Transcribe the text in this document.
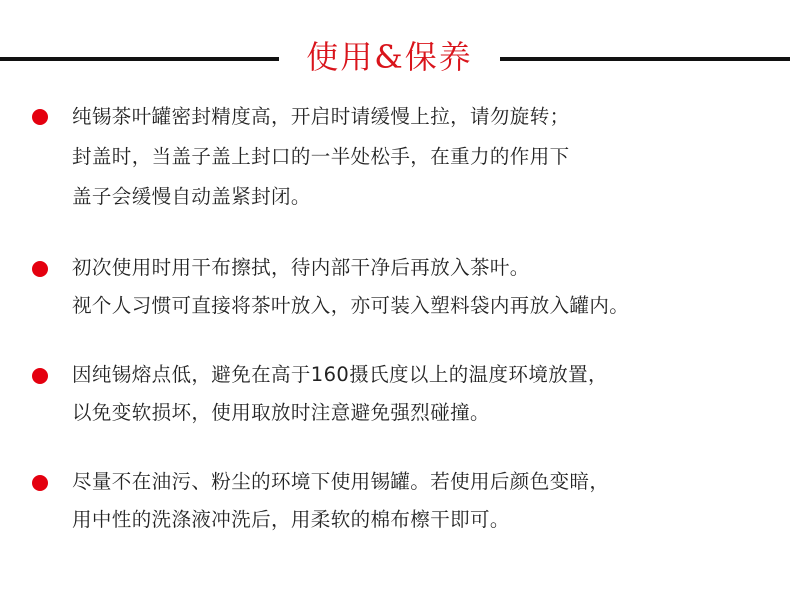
使用&保养
纯锡茶叶罐密封精度高，开启时请缓慢上拉，请勿旋转；
封盖时，当盖子盖上封口的一半处松手，在重力的作用下
盖子会缓慢自动盖紧封闭。
初次使用时用干布擦拭，待内部干净后再放入茶叶。
视个人习惯可直接将茶叶放入，亦可装入塑料袋内再放入罐内。
因纯锡熔点低，避免在高于160摄氏度以上的温度环境放置，
以免变软损坏，使用取放时注意避免强烈碰撞。
尽量不在油污、粉尘的环境下使用锡罐。若使用后颜色变暗，
用中性的洗涤液冲洗后，用柔软的棉布檫干即可。
